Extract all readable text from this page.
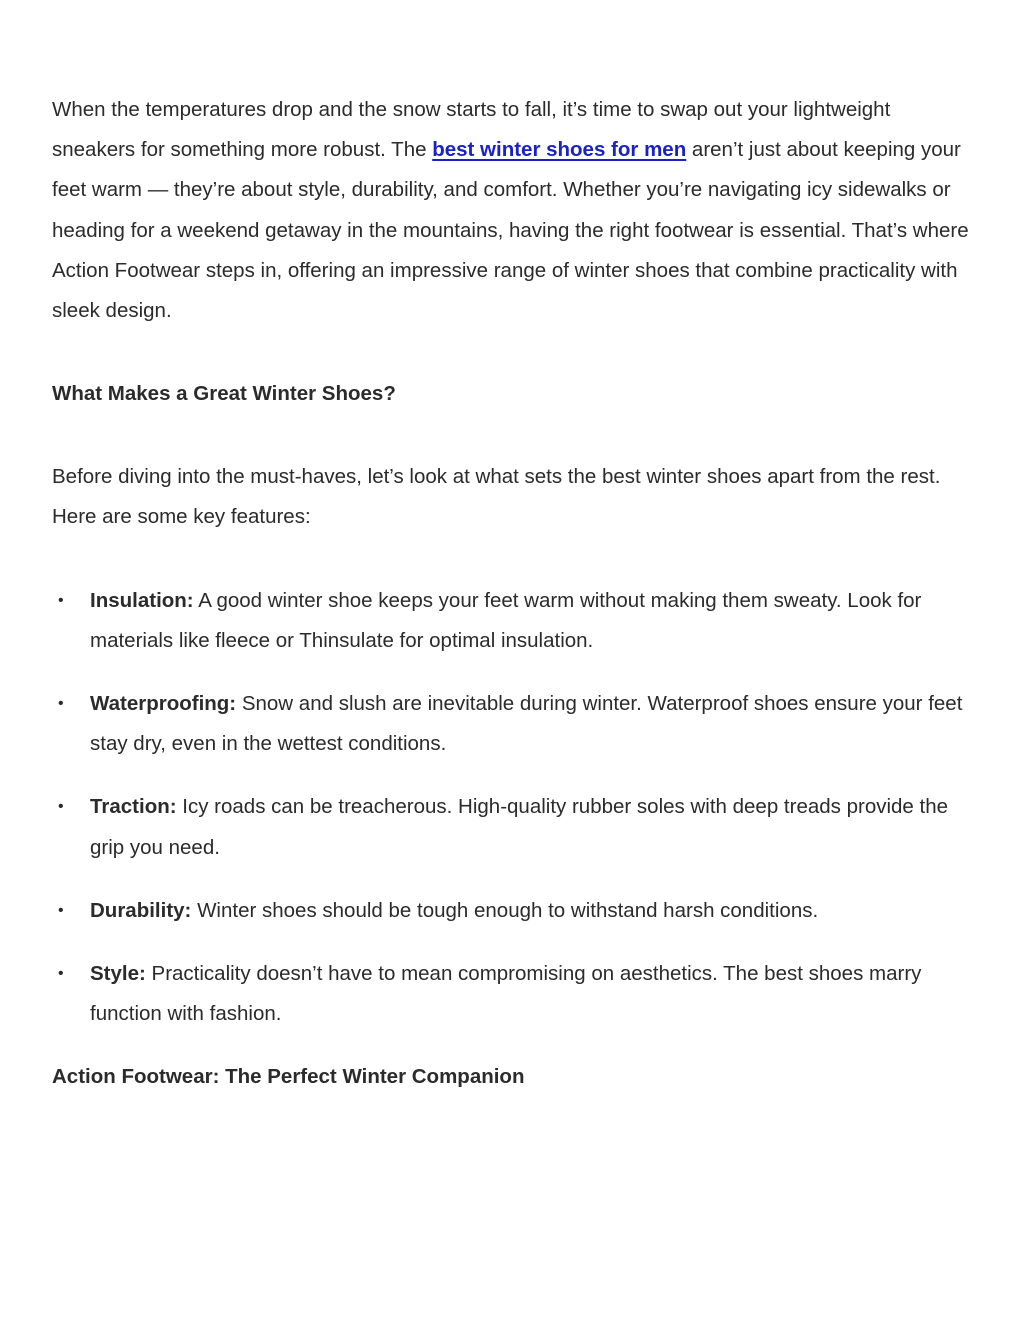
When the temperatures drop and the snow starts to fall, it’s time to swap out your lightweight sneakers for something more robust. The best winter shoes for men aren’t just about keeping your feet warm — they’re about style, durability, and comfort. Whether you’re navigating icy sidewalks or heading for a weekend getaway in the mountains, having the right footwear is essential. That’s where Action Footwear steps in, offering an impressive range of winter shoes that combine practicality with sleek design.

What Makes a Great Winter Shoes?

Before diving into the must-haves, let’s look at what sets the best winter shoes apart from the rest. Here are some key features:

• Insulation: A good winter shoe keeps your feet warm without making them sweaty. Look for materials like fleece or Thinsulate for optimal insulation.
• Waterproofing: Snow and slush are inevitable during winter. Waterproof shoes ensure your feet stay dry, even in the wettest conditions.
• Traction: Icy roads can be treacherous. High-quality rubber soles with deep treads provide the grip you need.
• Durability: Winter shoes should be tough enough to withstand harsh conditions.
• Style: Practicality doesn’t have to mean compromising on aesthetics. The best shoes marry function with fashion.
Action Footwear: The Perfect Winter Companion
